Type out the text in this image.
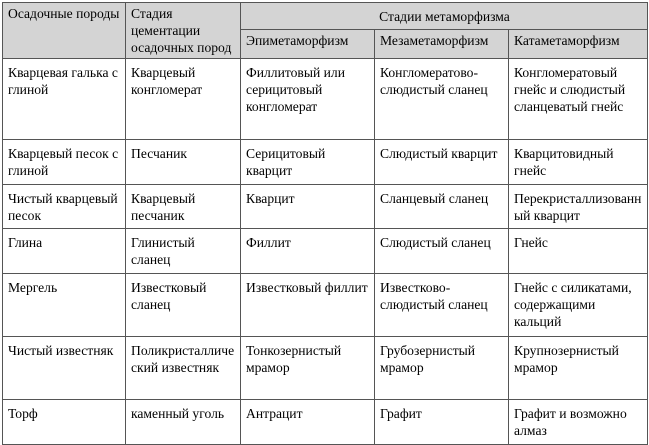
Осадочные породы	Стадия цементации осадочных пород	Стадии метаморфизма		
		Эпиметаморфизм	Мезаметаморфизм	Катаметаморфизм
Кварцевая галька с глиной	Кварцевый конгломерат	Филлитовый или серицитовый конгломерат	Конгломератово-слюдистый сланец	Конгломератовый гнейс и слюдистый сланцеватый гнейс
Кварцевый песок с глиной	Песчаник	Серицитовый кварцит	Слюдистый кварцит	Кварцитовидный гнейс
Чистый кварцевый песок	Кварцевый песчаник	Кварцит	Сланцевый сланец	Перекристаллизованный кварцит
Глина	Глинистый сланец	Филлит	Слюдистый сланец	Гнейс
Мергель	Известковый сланец	Известковый филлит	Известково-слюдистый сланец	Гнейс с силикатами, содержащими кальций
Чистый известняк	Поликристаллический известняк	Тонкозернистый мрамор	Грубозернистый мрамор	Крупнозернистый мрамор
Торф	каменный уголь	Антрацит	Графит	Графит и возможно алмаз
